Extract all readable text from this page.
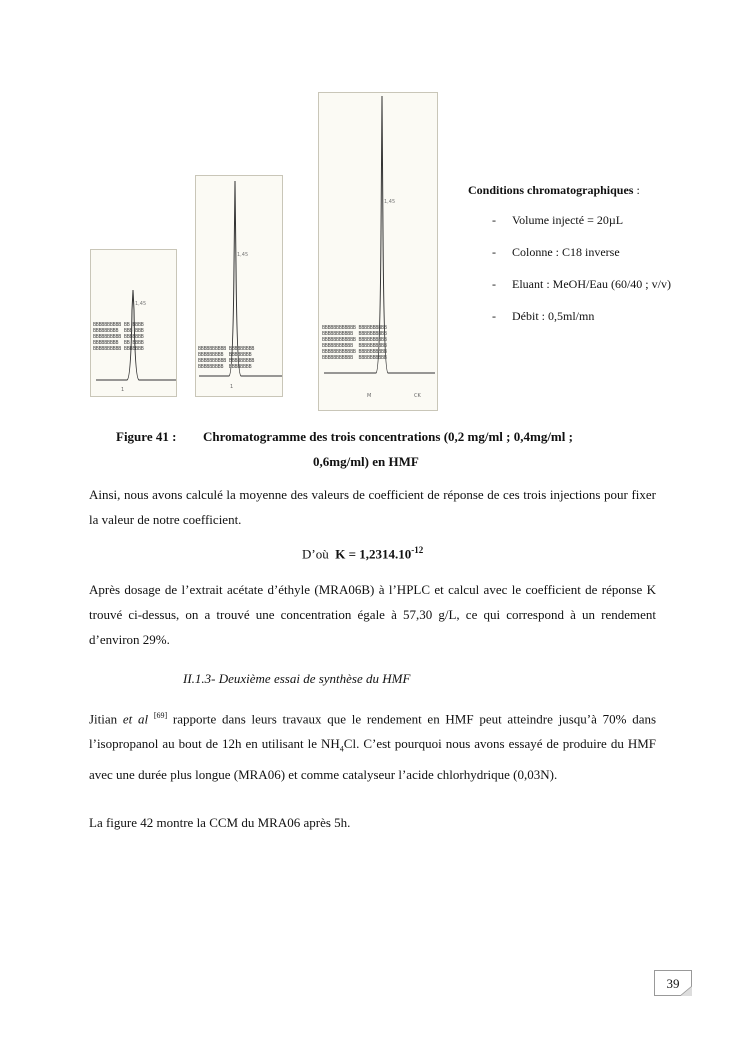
1,45
BBBBBBBBBB BB BBBB
BBBBBBBBB  BBB BBB
BBBBBBBBBB BBBBBBB
BBBBBBBBB  BB BBBB
BBBBBBBBBB BBBBBBB
1
1,45
BBBBBBBBBB BBBBBBBBB
BBBBBBBBB  BBBBBBBB
BBBBBBBBBB BBBBBBBBB
BBBBBBBBB  BBBBBBBB
1
1,45
BBBBBBBBBBBB BBBBBBBBBB
BBBBBBBBBBB  BBBBBBBBBB
BBBBBBBBBBBB BBBBBBBBBB
BBBBBBBBBBB  BBBBBBBBBB
BBBBBBBBBBBB BBBBBBBBBB
BBBBBBBBBBB  BBBBBBBBBB
M	CK
Conditions chromatographiques :
- Volume injecté = 20µL
- Colonne : C18 inverse
- Eluant : MeOH/Eau (60/40 ; v/v)
- Débit : 0,5ml/mn
Figure 41 : Chromatogramme des trois concentrations (0,2 mg/ml ; 0,4mg/ml ;
0,6mg/ml) en HMF
Ainsi, nous avons calculé la moyenne des valeurs de coefficient de réponse de ces trois injections pour fixer la valeur de notre coefficient.
D’où $K = 1,2314.10^{-12}$
Après dosage de l’extrait acétate d’éthyle (MRA06B) à l’HPLC et calcul avec le coefficient de réponse K trouvé ci-dessus, on a trouvé une concentration égale à 57,30 g/L, ce qui correspond à un rendement d’environ 29%.
II.1.3- Deuxième essai de synthèse du HMF
Jitian et al [69] rapporte dans leurs travaux que le rendement en HMF peut atteindre jusqu’à 70% dans l’isopropanol au bout de 12h en utilisant le $NH_4Cl$. C’est pourquoi nous avons essayé de produire du HMF avec une durée plus longue (MRA06) et comme catalyseur l’acide chlorhydrique (0,03N).
La figure 42 montre la CCM du MRA06 après 5h.
39
